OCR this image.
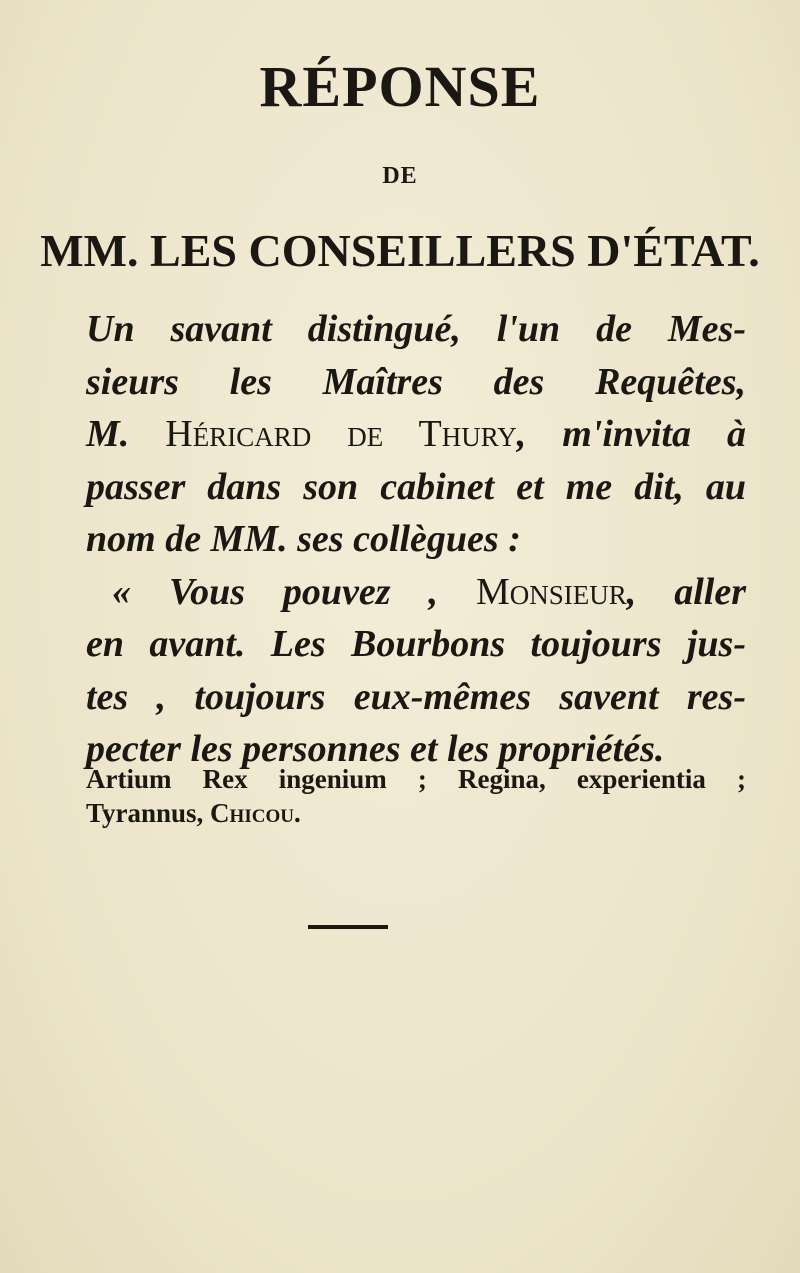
RÉPONSE
DE
MM. LES CONSEILLERS D'ÉTAT.
Un savant distingué, l'un de Mes-
sieurs les Maîtres des Requêtes,
M. Héricard de Thury, m'invita à
passer dans son cabinet et me dit, au
nom de MM. ses collègues :
« Vous pouvez , Monsieur, aller
en avant. Les Bourbons toujours jus-
tes , toujours eux-mêmes savent res-
pecter les personnes et les propriétés.
Artium Rex ingenium ; Regina, experientia ;
Tyrannus, Chicou.
